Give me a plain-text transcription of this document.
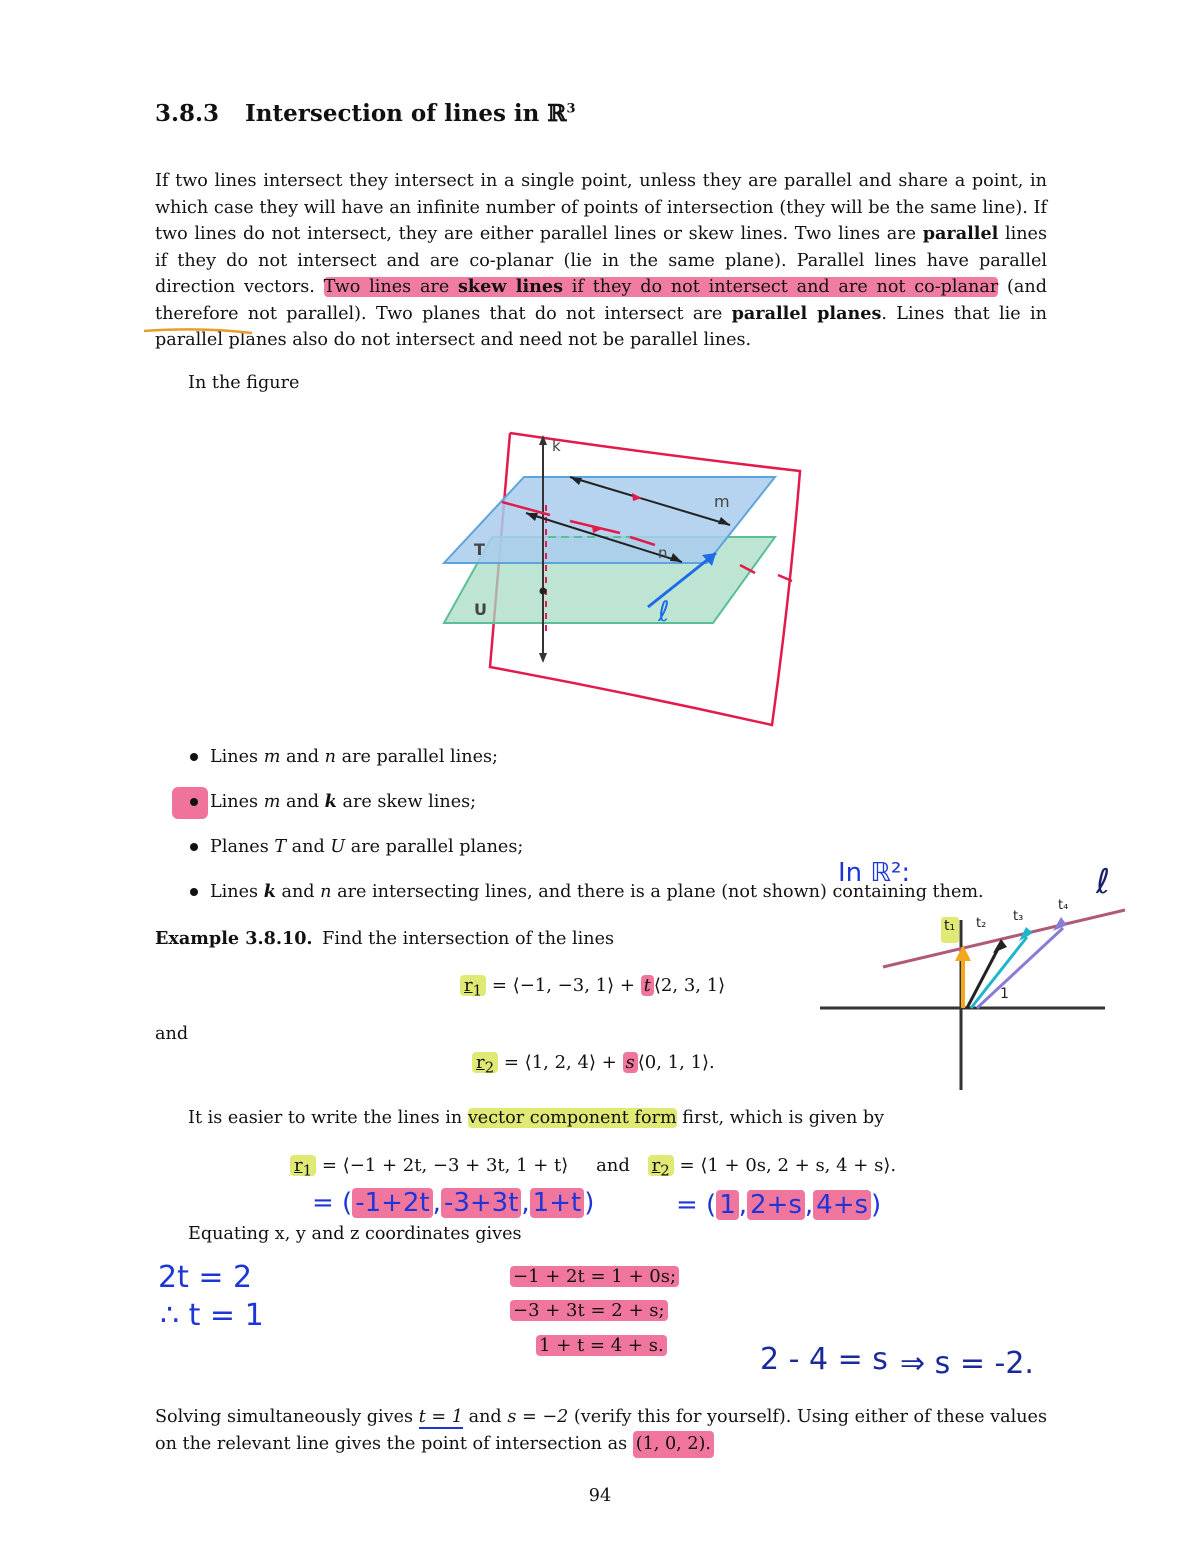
3.8.3 Intersection of lines in ℝ$^3$

If two lines intersect they intersect in a single point, unless they are parallel and share a point, in which case they will have an infinite number of points of intersection (they will be the same line). If two lines do not intersect, they are either parallel lines or skew lines. Two lines are parallel lines if they do not intersect and are co-planar (lie in the same plane). Parallel lines have parallel direction vectors. Two lines are skew lines if they do not intersect and are not co-planar (and therefore not parallel). Two planes that do not intersect are parallel planes. Lines that lie in parallel planes also do not intersect and need not be parallel lines.

In the figure
ℓ
k
m
n
T
U
Lines m and n are parallel lines;
Lines m and k are skew lines;
Planes T and U are parallel planes;
Lines k and n are intersecting lines, and there is a plane (not shown) containing them.
In ℝ²:	ℓ
t₁ t₂ t₃
t₄
1
Example 3.8.10. Find the intersection of the lines
$r_1$ = ⟨−1, −3, 1⟩ + t ⟨2, 3, 1⟩
and
$r_2$ = ⟨1, 2, 4⟩ + s ⟨0, 1, 1⟩.
It is easier to write the lines in vector component form first, which is given by
$r_1$ = ⟨−1 + 2t, −3 + 3t, 1 + t⟩ and $r_2$ = ⟨1 + 0s, 2 + s, 4 + s⟩.
= ( -1+2t , -3+3t , 1+t )	= ( 1 , 2+s , 4+s )
Equating x, y and z coordinates gives
2t = 2
∴ t = 1
−1 + 2t = 1 + 0s;
−3 + 3t = 2 + s;
1 + t = 4 + s.	2 - 4 = s ⇒ s = -2.

Solving simultaneously gives t = 1 and s = −2 (verify this for yourself). Using either of these values on the relevant line gives the point of intersection as (1, 0, 2).

94
